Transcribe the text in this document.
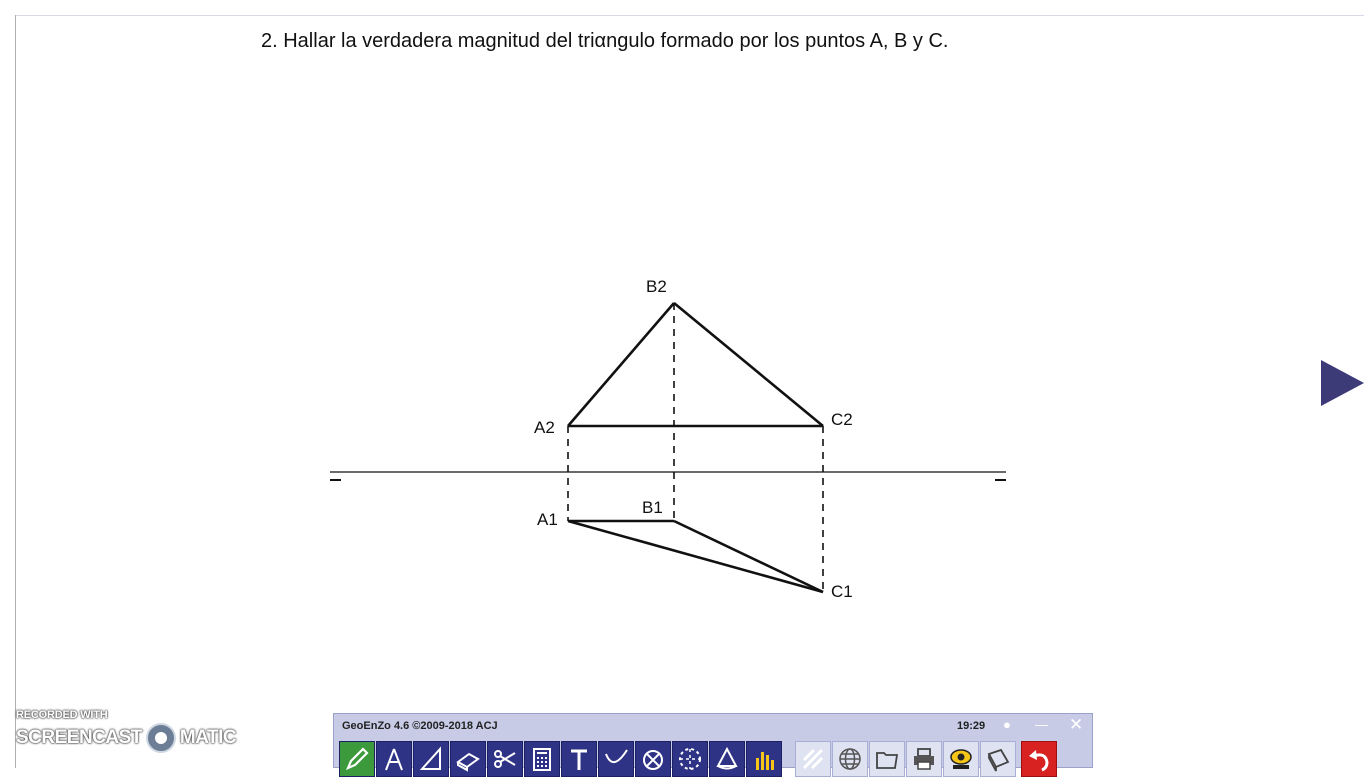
2. Hallar la verdadera magnitud del triαngulo formado por los puntos A, B y C.
B2
A2	C2
A1
B1
C1
RECORDED WITH
SCREENCAST MATIC
GeoEnZo 4.6 ©2009-2018 ACJ	19:29 ● — ✕
